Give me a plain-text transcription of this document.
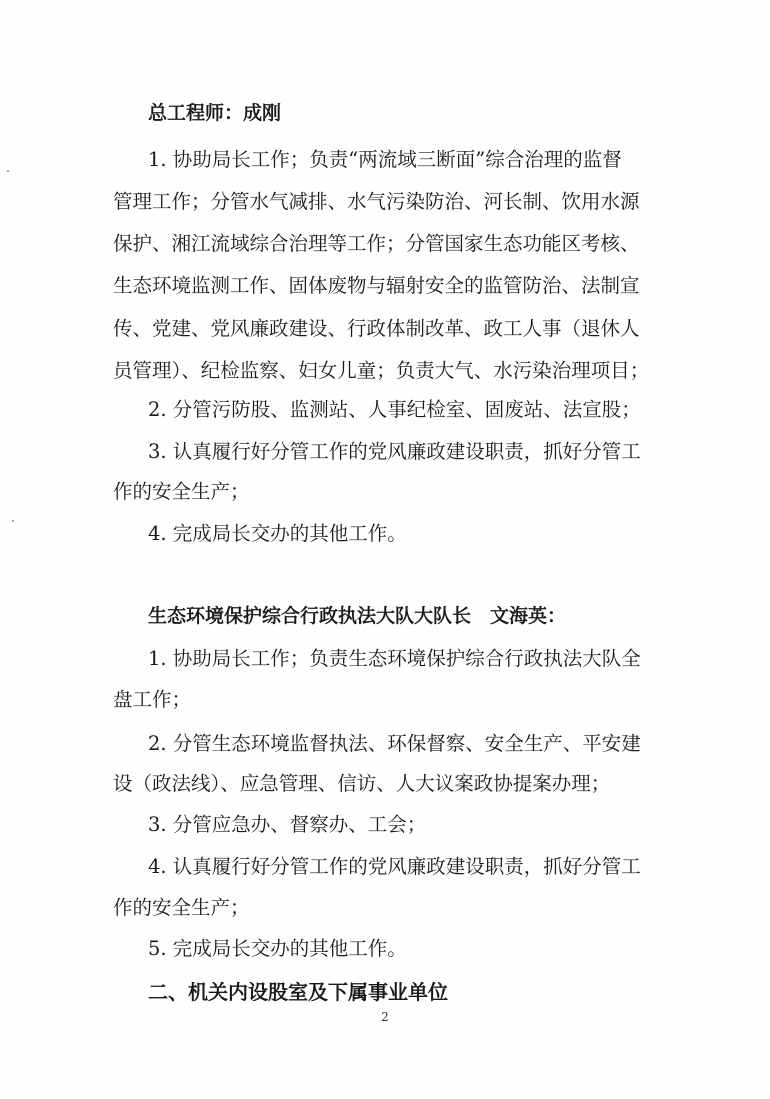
总工程师：成刚
1. 协助局长工作；负责“两流域三断面”综合治理的监督
管理工作；分管水气减排、水气污染防治、河长制、饮用水源
保护、湘江流域综合治理等工作；分管国家生态功能区考核、
生态环境监测工作、固体废物与辐射安全的监管防治、法制宣
传、党建、党风廉政建设、行政体制改革、政工人事（退休人
员管理）、纪检监察、妇女儿童；负责大气、水污染治理项目；
2. 分管污防股、监测站、人事纪检室、固废站、法宣股；
3. 认真履行好分管工作的党风廉政建设职责，抓好分管工
作的安全生产；
4. 完成局长交办的其他工作。
生态环境保护综合行政执法大队大队长　文海英：
1. 协助局长工作；负责生态环境保护综合行政执法大队全
盘工作；
2. 分管生态环境监督执法、环保督察、安全生产、平安建
设（政法线）、应急管理、信访、人大议案政协提案办理；
3. 分管应急办、督察办、工会；
4. 认真履行好分管工作的党风廉政建设职责，抓好分管工
作的安全生产；
5. 完成局长交办的其他工作。
二、机关内设股室及下属事业单位
2
